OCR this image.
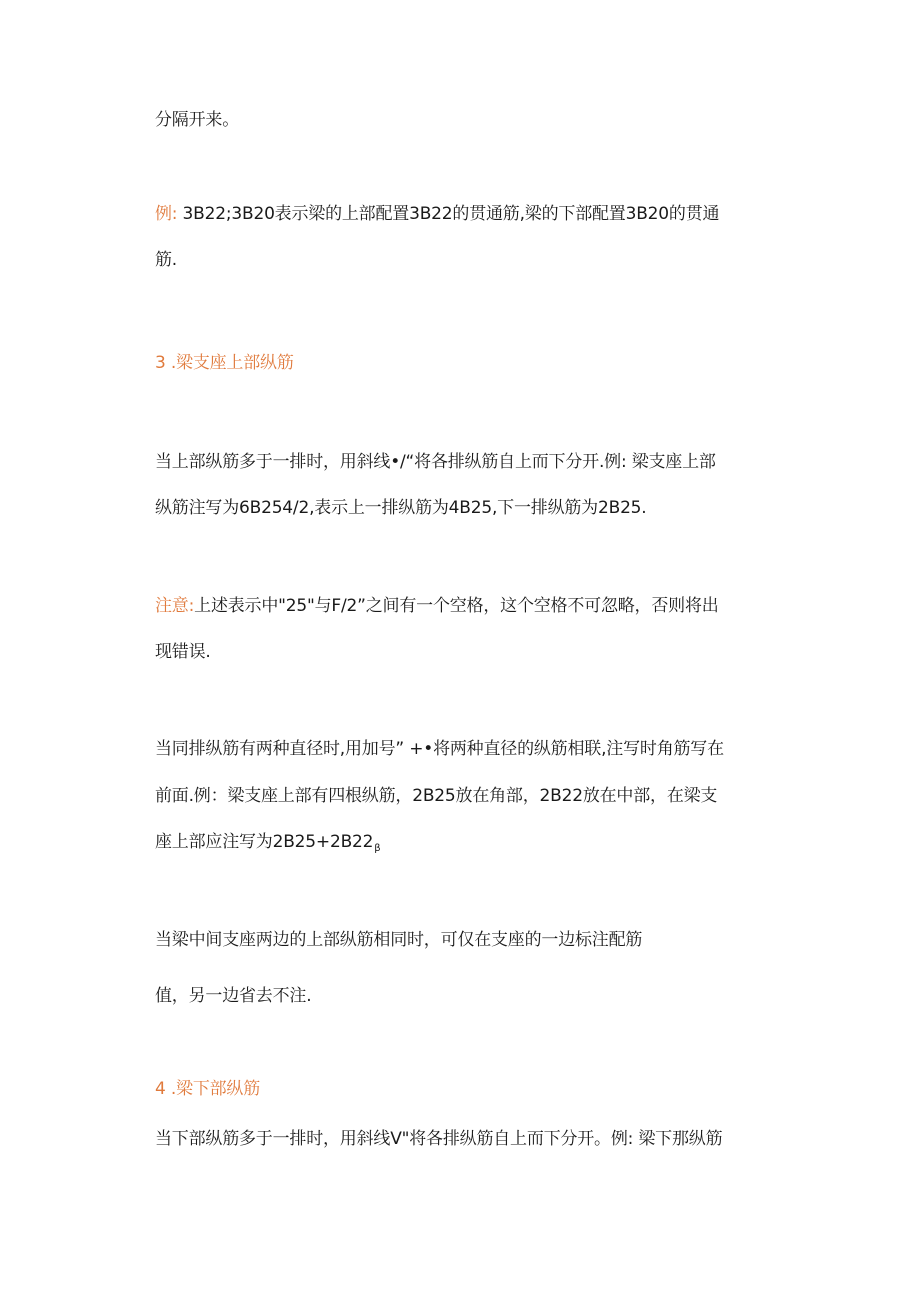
分隔开来。
例: 3B22;3B20表示梁的上部配置3B22的贯通筋,梁的下部配置3B20的贯通
筋.
3 .梁支座上部纵筋
当上部纵筋多于一排时，用斜线•/“将各排纵筋自上而下分开.例: 梁支座上部
纵筋注写为6B254/2,表示上一排纵筋为4B25,下一排纵筋为2B25.
注意:上述表示中"25"与F/2”之间有一个空格，这个空格不可忽略，否则将出
现错误.
当同排纵筋有两种直径时,用加号” +•将两种直径的纵筋相联,注写时角筋写在
前面.例：梁支座上部有四根纵筋，2B25放在角部，2B22放在中部，在梁支
座上部应注写为$2B25+2B22_\beta$
当梁中间支座两边的上部纵筋相同时，可仅在支座的一边标注配筋
值，另一边省去不注.
4 .梁下部纵筋
当下部纵筋多于一排时，用斜线V"将各排纵筋自上而下分开。例: 梁下那纵筋
